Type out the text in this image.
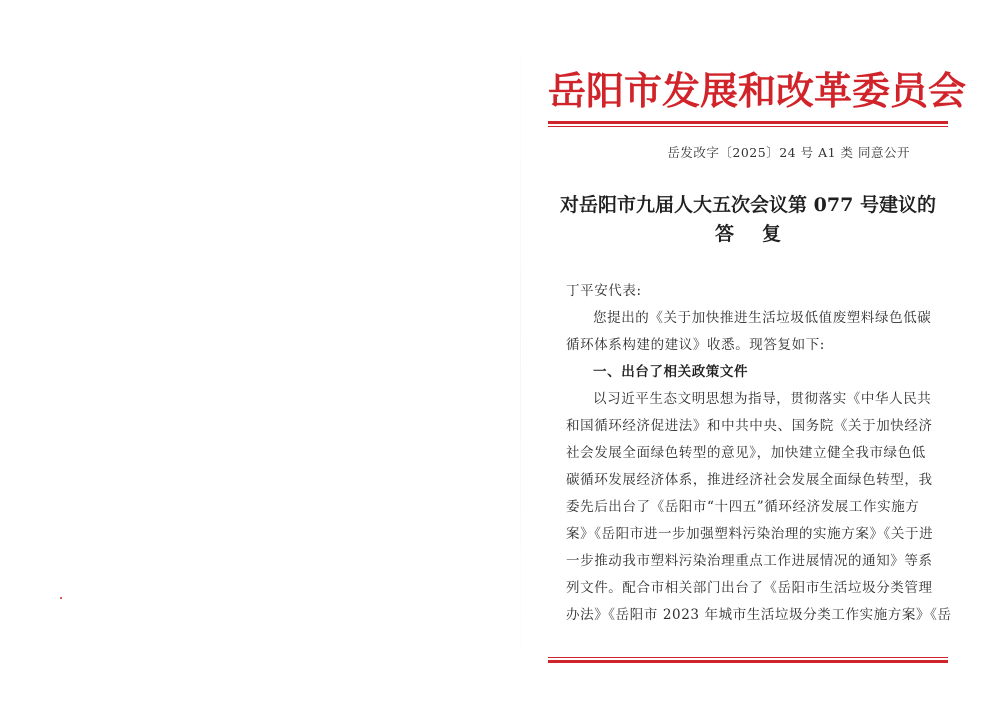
岳阳市发展和改革委员会
岳发改字〔2025〕24 号 A1 类 同意公开
对岳阳市九届人大五次会议第 077 号建议的
答复
丁平安代表:
您提出的《关于加快推进生活垃圾低值废塑料绿色低碳
循环体系构建的建议》收悉。现答复如下:
一、出台了相关政策文件
以习近平生态文明思想为指导，贯彻落实《中华人民共
和国循环经济促进法》和中共中央、国务院《关于加快经济
社会发展全面绿色转型的意见》，加快建立健全我市绿色低
碳循环发展经济体系，推进经济社会发展全面绿色转型，我
委先后出台了《岳阳市“十四五”循环经济发展工作实施方
案》《岳阳市进一步加强塑料污染治理的实施方案》《关于进
一步推动我市塑料污染治理重点工作进展情况的通知》等系
列文件。配合市相关部门出台了《岳阳市生活垃圾分类管理
办法》《岳阳市 2023 年城市生活垃圾分类工作实施方案》《岳
